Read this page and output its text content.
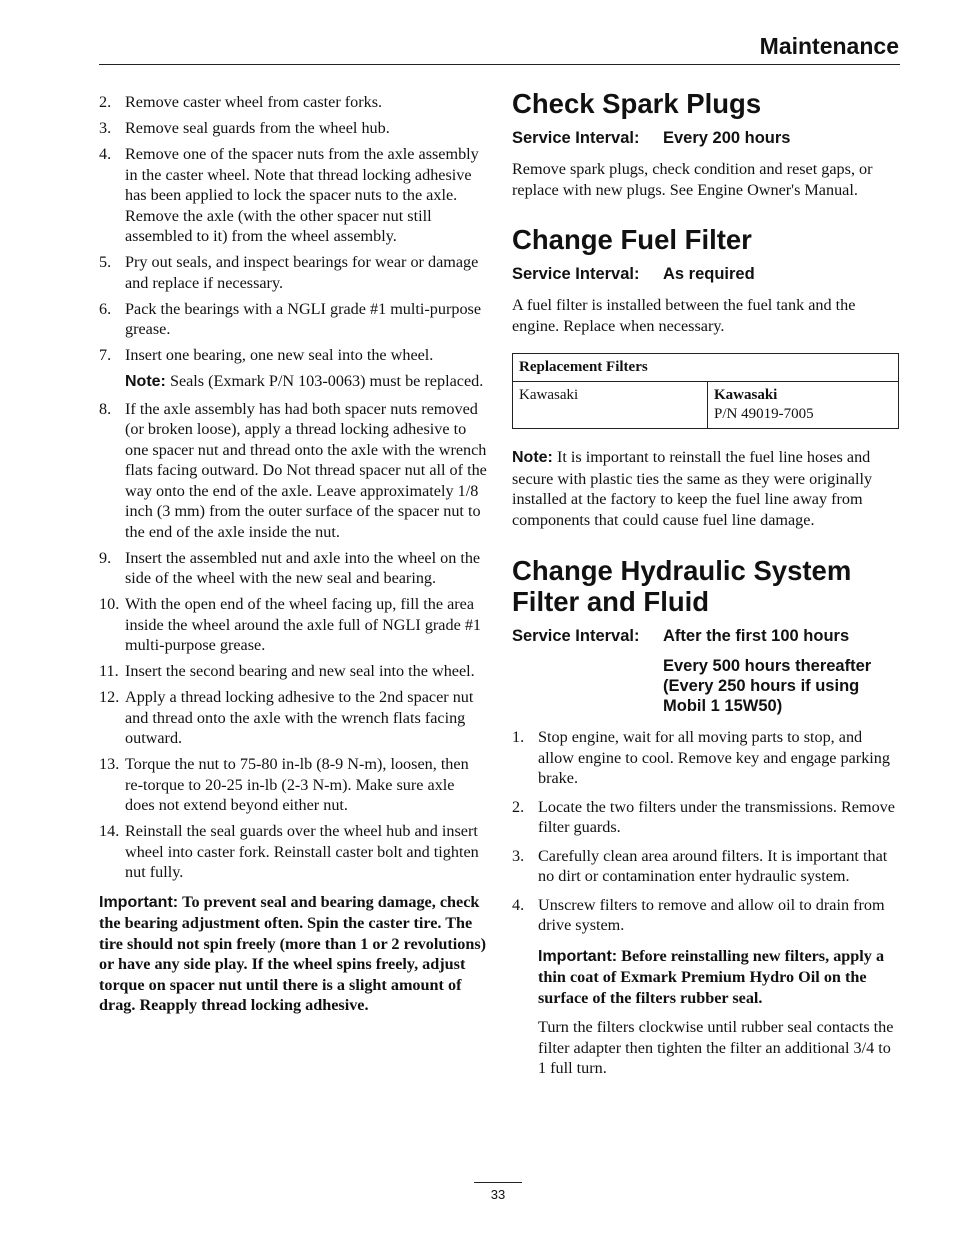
Maintenance
2. Remove caster wheel from caster forks.
3. Remove seal guards from the wheel hub.
4. Remove one of the spacer nuts from the axle assembly in the caster wheel. Note that thread locking adhesive has been applied to lock the spacer nuts to the axle. Remove the axle (with the other spacer nut still assembled to it) from the wheel assembly.
5. Pry out seals, and inspect bearings for wear or damage and replace if necessary.
6. Pack the bearings with a NGLI grade #1 multi-purpose grease.
7. Insert one bearing, one new seal into the wheel.
Note: Seals (Exmark P/N 103-0063) must be replaced.
8. If the axle assembly has had both spacer nuts removed (or broken loose), apply a thread locking adhesive to one spacer nut and thread onto the axle with the wrench flats facing outward. Do Not thread spacer nut all of the way onto the end of the axle. Leave approximately 1/8 inch (3 mm) from the outer surface of the spacer nut to the end of the axle inside the nut.
9. Insert the assembled nut and axle into the wheel on the side of the wheel with the new seal and bearing.
10. With the open end of the wheel facing up, fill the area inside the wheel around the axle full of NGLI grade #1 multi-purpose grease.
11. Insert the second bearing and new seal into the wheel.
12. Apply a thread locking adhesive to the 2nd spacer nut and thread onto the axle with the wrench flats facing outward.
13. Torque the nut to 75-80 in-lb (8-9 N-m), loosen, then re-torque to 20-25 in-lb (2-3 N-m). Make sure axle does not extend beyond either nut.
14. Reinstall the seal guards over the wheel hub and insert wheel into caster fork. Reinstall caster bolt and tighten nut fully.
Important: To prevent seal and bearing damage, check the bearing adjustment often. Spin the caster tire. The tire should not spin freely (more than 1 or 2 revolutions) or have any side play. If the wheel spins freely, adjust torque on spacer nut until there is a slight amount of drag. Reapply thread locking adhesive.
Check Spark Plugs
Service Interval:	Every 200 hours

Remove spark plugs, check condition and reset gaps, or replace with new plugs. See Engine Owner's Manual.

Change Fuel Filter
Service Interval:	As required

A fuel filter is installed between the fuel tank and the engine. Replace when necessary.

Replacement Filters
Kawasaki	Kawasaki
P/N 49019-7005
Note: It is important to reinstall the fuel line hoses and secure with plastic ties the same as they were originally installed at the factory to keep the fuel line away from components that could cause fuel line damage.
Change Hydraulic System
Filter and Fluid
Service Interval:	After the first 100 hours
Every 500 hours thereafter (Every 250 hours if using Mobil 1 15W50)
1. Stop engine, wait for all moving parts to stop, and allow engine to cool. Remove key and engage parking brake.
2. Locate the two filters under the transmissions. Remove filter guards.
3. Carefully clean area around filters. It is important that no dirt or contamination enter hydraulic system.
4. Unscrew filters to remove and allow oil to drain from drive system.
Important: Before reinstalling new filters, apply a thin coat of Exmark Premium Hydro Oil on the surface of the filters rubber seal.
Turn the filters clockwise until rubber seal contacts the filter adapter then tighten the filter an additional 3/4 to 1 full turn.
33
